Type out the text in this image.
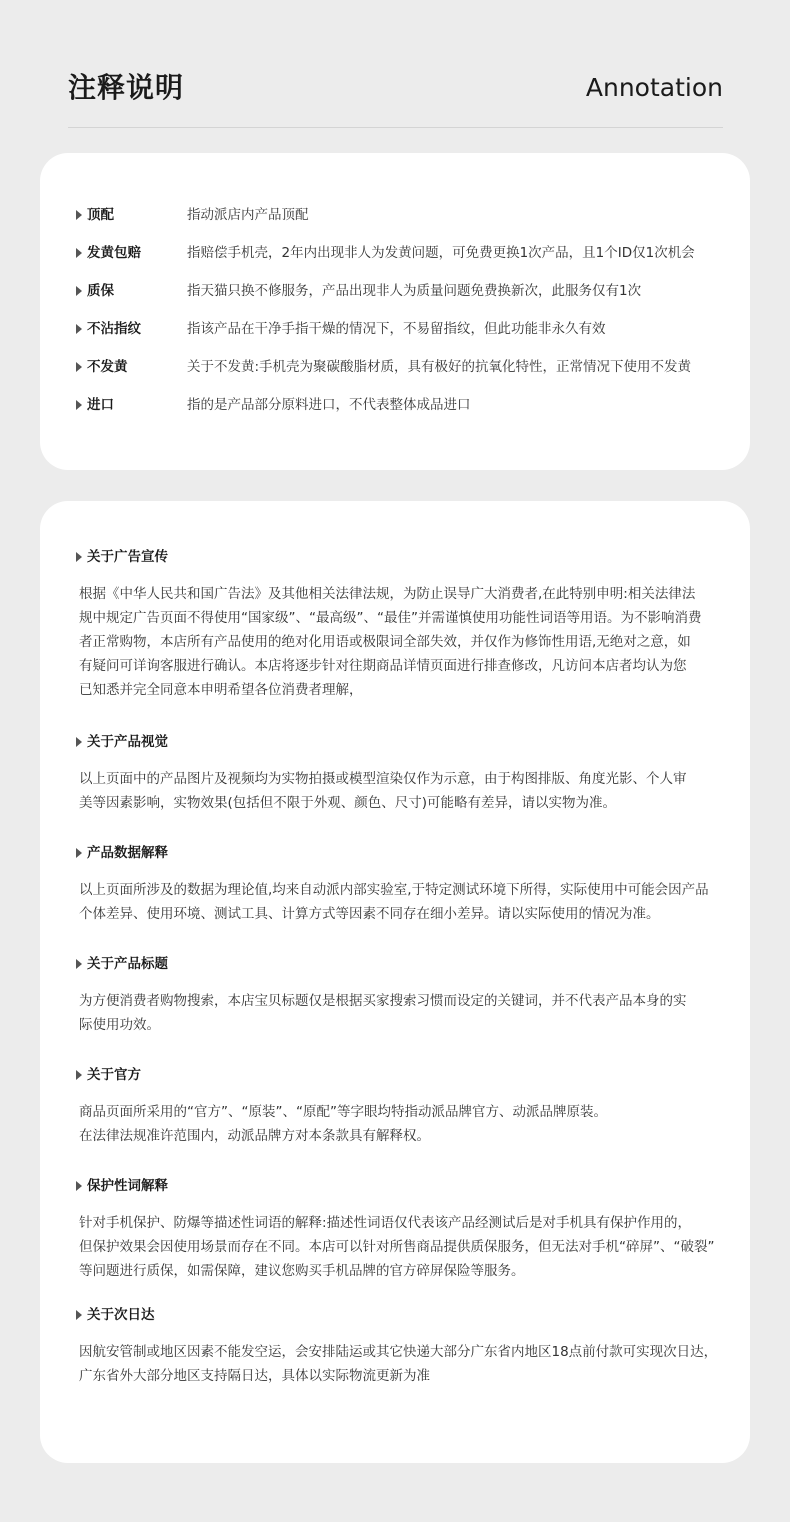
注释说明	Annotation
顶配	指动派店内产品顶配
发黄包赔	指赔偿手机壳，2年内出现非人为发黄问题，可免费更换1次产品，且1个ID仅1次机会
质保	指天猫只换不修服务，产品出现非人为质量问题免费换新次，此服务仅有1次
不沾指纹	指该产品在干净手指干燥的情况下，不易留指纹，但此功能非永久有效
不发黄	关于不发黄:手机壳为聚碳酸脂材质，具有极好的抗氧化特性，正常情况下使用不发黄
进口	指的是产品部分原料进口，不代表整体成品进口
关于广告宣传
根据《中华人民共和国广告法》及其他相关法律法规，为防止误导广大消费者,在此特别申明:相关法律法
规中规定广告页面不得使用“国家级”、“最高级”、“最佳”并需谨慎使用功能性词语等用语。为不影响消费
者正常购物，本店所有产品使用的绝对化用语或极限词全部失效，并仅作为修饰性用语,无绝对之意，如
有疑问可详询客服进行确认。本店将逐步针对往期商品详情页面进行排查修改，凡访问本店者均认为您
已知悉并完全同意本申明希望各位消费者理解，
关于产品视觉
以上页面中的产品图片及视频均为实物拍摄或模型渲染仅作为示意，由于构图排版、角度光影、个人审
美等因素影响，实物效果(包括但不限于外观、颜色、尺寸)可能略有差异，请以实物为准。
产品数据解释
以上页面所涉及的数据为理论值,均来自动派内部实验室,于特定测试环境下所得，实际使用中可能会因产品
个体差异、使用环境、测试工具、计算方式等因素不同存在细小差异。请以实际使用的情况为准。
关于产品标题
为方便消费者购物搜索，本店宝贝标题仅是根据买家搜索习惯而设定的关键词，并不代表产品本身的实
际使用功效。
关于官方
商品页面所采用的“官方”、“原装”、“原配”等字眼均特指动派品牌官方、动派品牌原装。
在法律法规准许范围内，动派品牌方对本条款具有解释权。
保护性词解释
针对手机保护、防爆等描述性词语的解释:描述性词语仅代表该产品经测试后是对手机具有保护作用的，
但保护效果会因使用场景而存在不同。本店可以针对所售商品提供质保服务，但无法对手机“碎屏”、“破裂”
等问题进行质保，如需保障，建议您购买手机品牌的官方碎屏保险等服务。
关于次日达
因航安管制或地区因素不能发空运，会安排陆运或其它快递大部分广东省内地区18点前付款可实现次日达，
广东省外大部分地区支持隔日达，具体以实际物流更新为准
